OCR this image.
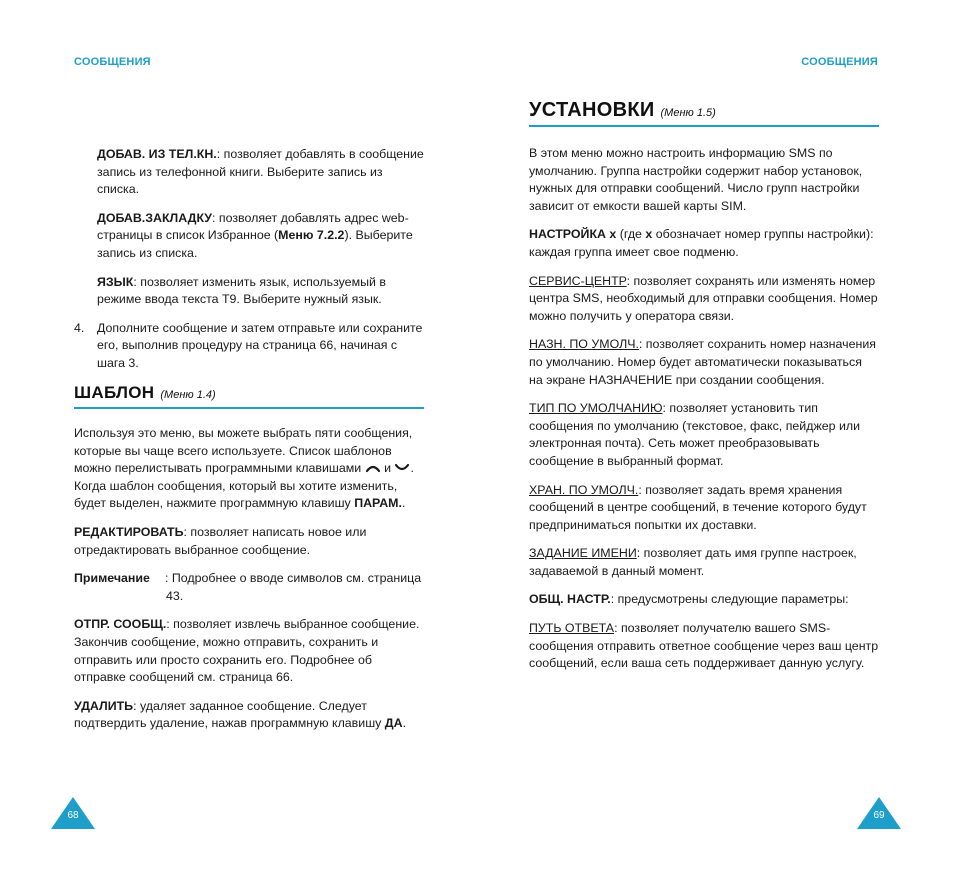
СООБЩЕНИЯ

ДОБАВ. ИЗ ТЕЛ.КН.: позволяет добавлять в сообщение запись из телефонной книги. Выберите запись из списка.

ДОБАВ.ЗАКЛАДКУ: позволяет добавлять адрес web-страницы в список Избранное (Меню 7.2.2). Выберите запись из списка.

ЯЗЫК: позволяет изменить язык, используемый в режиме ввода текста T9. Выберите нужный язык.

4. Дополните сообщение и затем отправьте или сохраните его, выполнив процедуру на страница 66, начиная с шага 3.

ШАБЛОН (Меню 1.4)

Используя это меню, вы можете выбрать пяти сообщения, которые вы чаще всего используете. Список шаблонов можно перелистывать программными клавишами и . Когда шаблон сообщения, который вы хотите изменить, будет выделен, нажмите программную клавишу ПАРАМ..

РЕДАКТИРОВАТЬ: позволяет написать новое или отредактировать выбранное сообщение.

Примечание : Подробнее о вводе символов см. страница 43.

ОТПР. СООБЩ.: позволяет извлечь выбранное сообщение. Закончив сообщение, можно отправить, сохранить и отправить или просто сохранить его. Подробнее об отправке сообщений см. страница 66.

УДАЛИТЬ: удаляет заданное сообщение. Следует подтвердить удаление, нажав программную клавишу ДА.

68
СООБЩЕНИЯ
УСТАНОВКИ (Меню 1.5)

В этом меню можно настроить информацию SMS по умолчанию. Группа настройки содержит набор установок, нужных для отправки сообщений. Число групп настройки зависит от емкости вашей карты SIM.

НАСТРОЙКА x (где x обозначает номер группы настройки): каждая группа имеет свое подменю.

СЕРВИС-ЦЕНТР: позволяет сохранять или изменять номер центра SMS, необходимый для отправки сообщения. Номер можно получить у оператора связи.

НАЗН. ПО УМОЛЧ.: позволяет сохранить номер назначения по умолчанию. Номер будет автоматически показываться на экране НАЗНАЧЕНИЕ при создании сообщения.

ТИП ПО УМОЛЧАНИЮ: позволяет установить тип сообщения по умолчанию (текстовое, факс, пейджер или электронная почта). Сеть может преобразовывать сообщение в выбранный формат.

ХРАН. ПО УМОЛЧ.: позволяет задать время хранения сообщений в центре сообщений, в течение которого будут предприниматься попытки их доставки.

ЗАДАНИЕ ИМЕНИ: позволяет дать имя группе настроек, задаваемой в данный момент.

ОБЩ. НАСТР.: предусмотрены следующие параметры:

ПУТЬ ОТВЕТА: позволяет получателю вашего SMS-сообщения отправить ответное сообщение через ваш центр сообщений, если ваша сеть поддерживает данную услугу.

69
